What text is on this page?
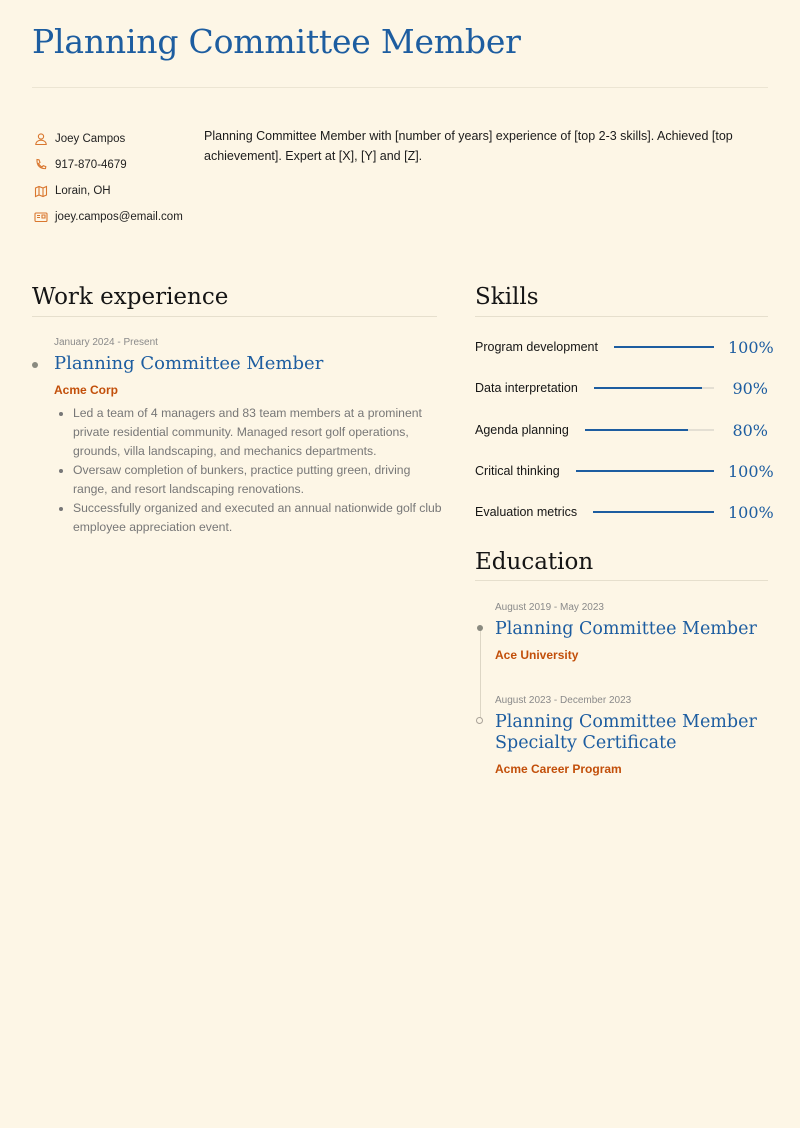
Planning Committee Member
Joey Campos
917-870-4679
Lorain, OH
joey.campos@email.com

Planning Committee Member with [number of years] experience of [top 2-3 skills]. Achieved [top achievement]. Expert at [X], [Y] and [Z].

Work experience
January 2024 - Present
Planning Committee Member
Acme Corp
• Led a team of 4 managers and 83 team members at a prominent private residential community. Managed resort golf operations, grounds, villa landscaping, and mechanics departments.
• Oversaw completion of bunkers, practice putting green, driving range, and resort landscaping renovations.
• Successfully organized and executed an annual nationwide golf club employee appreciation event.
Skills
Program development	100%
Data interpretation	90%
Agenda planning	80%
Critical thinking	100%
Evaluation metrics	100%
Education
August 2019 - May 2023
Planning Committee Member
Ace University
August 2023 - December 2023
Planning Committee Member Specialty Certificate
Acme Career Program
